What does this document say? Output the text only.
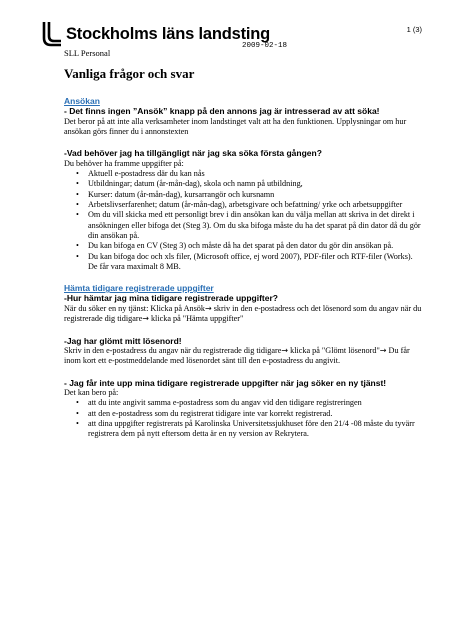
Stockholms läns landsting	1 (3)
2009-02-18
SLL Personal
Vanliga frågor och svar

Ansökan

- Det finns ingen ”Ansök” knapp på den annons jag är intresserad av att söka!

Det beror på att inte alla verksamheter inom landstinget valt att ha den funktionen. Upplysningar om hur ansökan görs finner du i annonstexten

-Vad behöver jag ha tillgängligt när jag ska söka första gången?

Du behöver ha framme uppgifter på:

• Aktuell e-postadress där du kan nås
• Utbildningar; datum (år-mån-dag), skola och namn på utbildning,
• Kurser: datum (år-mån-dag), kursarrangör och kursnamn
• Arbetslivserfarenhet; datum (år-mån-dag), arbetsgivare och befattning/ yrke och arbetsuppgifter
• Om du vill skicka med ett personligt brev i din ansökan kan du välja mellan att skriva in det direkt i ansökningen eller bifoga det (Steg 3). Om du ska bifoga måste du ha det sparat på din dator då du gör din ansökan på.
• Du kan bifoga en CV (Steg 3) och måste då ha det sparat på den dator du gör din ansökan på.
• Du kan bifoga doc och xls filer, (Microsoft office, ej word 2007), PDF-filer och RTF-filer (Works). De får vara maximalt 8 MB.

Hämta tidigare registrerade uppgifter

-Hur hämtar jag mina tidigare registrerade uppgifter?

När du söker en ny tjänst: Klicka på Ansök→ skriv in den e-postadress och det lösenord som du angav när du registrerade dig tidigare→ klicka på "Hämta uppgifter"

-Jag har glömt mitt lösenord!

Skriv in den e-postadress du angav när du registrerade dig tidigare→ klicka på "Glömt lösenord"→ Du får inom kort ett e-postmeddelande med lösenordet sänt till den e-postadress du angivit.

- Jag får inte upp mina tidigare registrerade uppgifter när jag söker en ny tjänst!

Det kan bero på:

• att du inte angivit samma e-postadress som du angav vid den tidigare registreringen
• att den e-postadress som du registrerat tidigare inte var korrekt registrerad.
• att dina uppgifter registrerats på Karolinska Universitetssjukhuset före den 21/4 -08 måste du tyvärr registrera dem på nytt eftersom detta är en ny version av Rekrytera.
